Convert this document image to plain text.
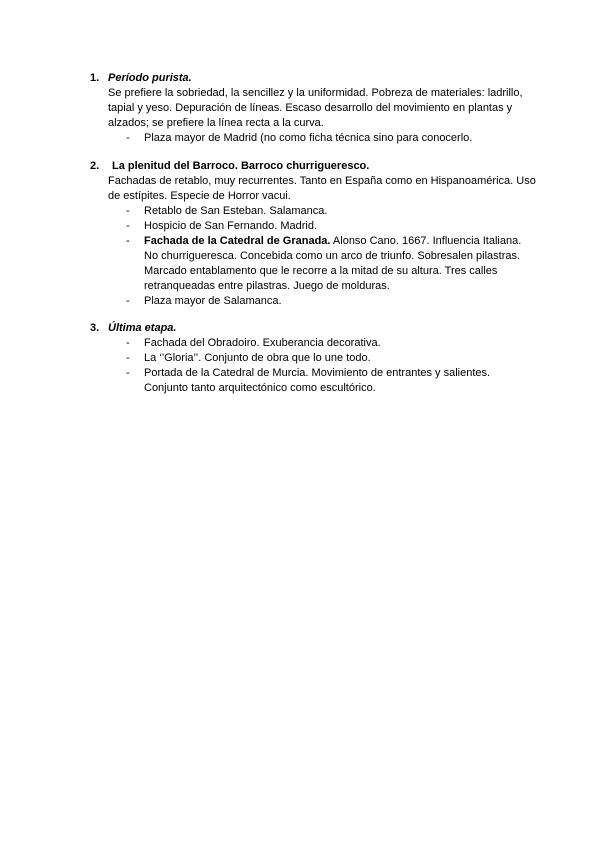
1. Período purista.
Se prefiere la sobriedad, la sencillez y la uniformidad. Pobreza de materiales: ladrillo, tapial y yeso. Depuración de líneas. Escaso desarrollo del movimiento en plantas y alzados; se prefiere la línea recta a la curva.
- Plaza mayor de Madrid (no como ficha técnica sino para conocerlo.
2. La plenitud del Barroco. Barroco churrigueresco.
Fachadas de retablo, muy recurrentes. Tanto en España como en Hispanoamérica. Uso de estípites. Especie de Horror vacui.
- Retablo de San Esteban. Salamanca.
- Hospicio de San Fernando. Madrid.
- Fachada de la Catedral de Granada. Alonso Cano. 1667. Influencia Italiana. No churrigueresca. Concebida como un arco de triunfo. Sobresalen pilastras. Marcado entablamento que le recorre a la mitad de su altura. Tres calles retranqueadas entre pilastras. Juego de molduras.
- Plaza mayor de Salamanca.
3. Última etapa.
- Fachada del Obradoiro. Exuberancia decorativa.
- La ‘’Gloria’’. Conjunto de obra que lo une todo.
- Portada de la Catedral de Murcia. Movimiento de entrantes y salientes. Conjunto tanto arquitectónico como escultórico.
